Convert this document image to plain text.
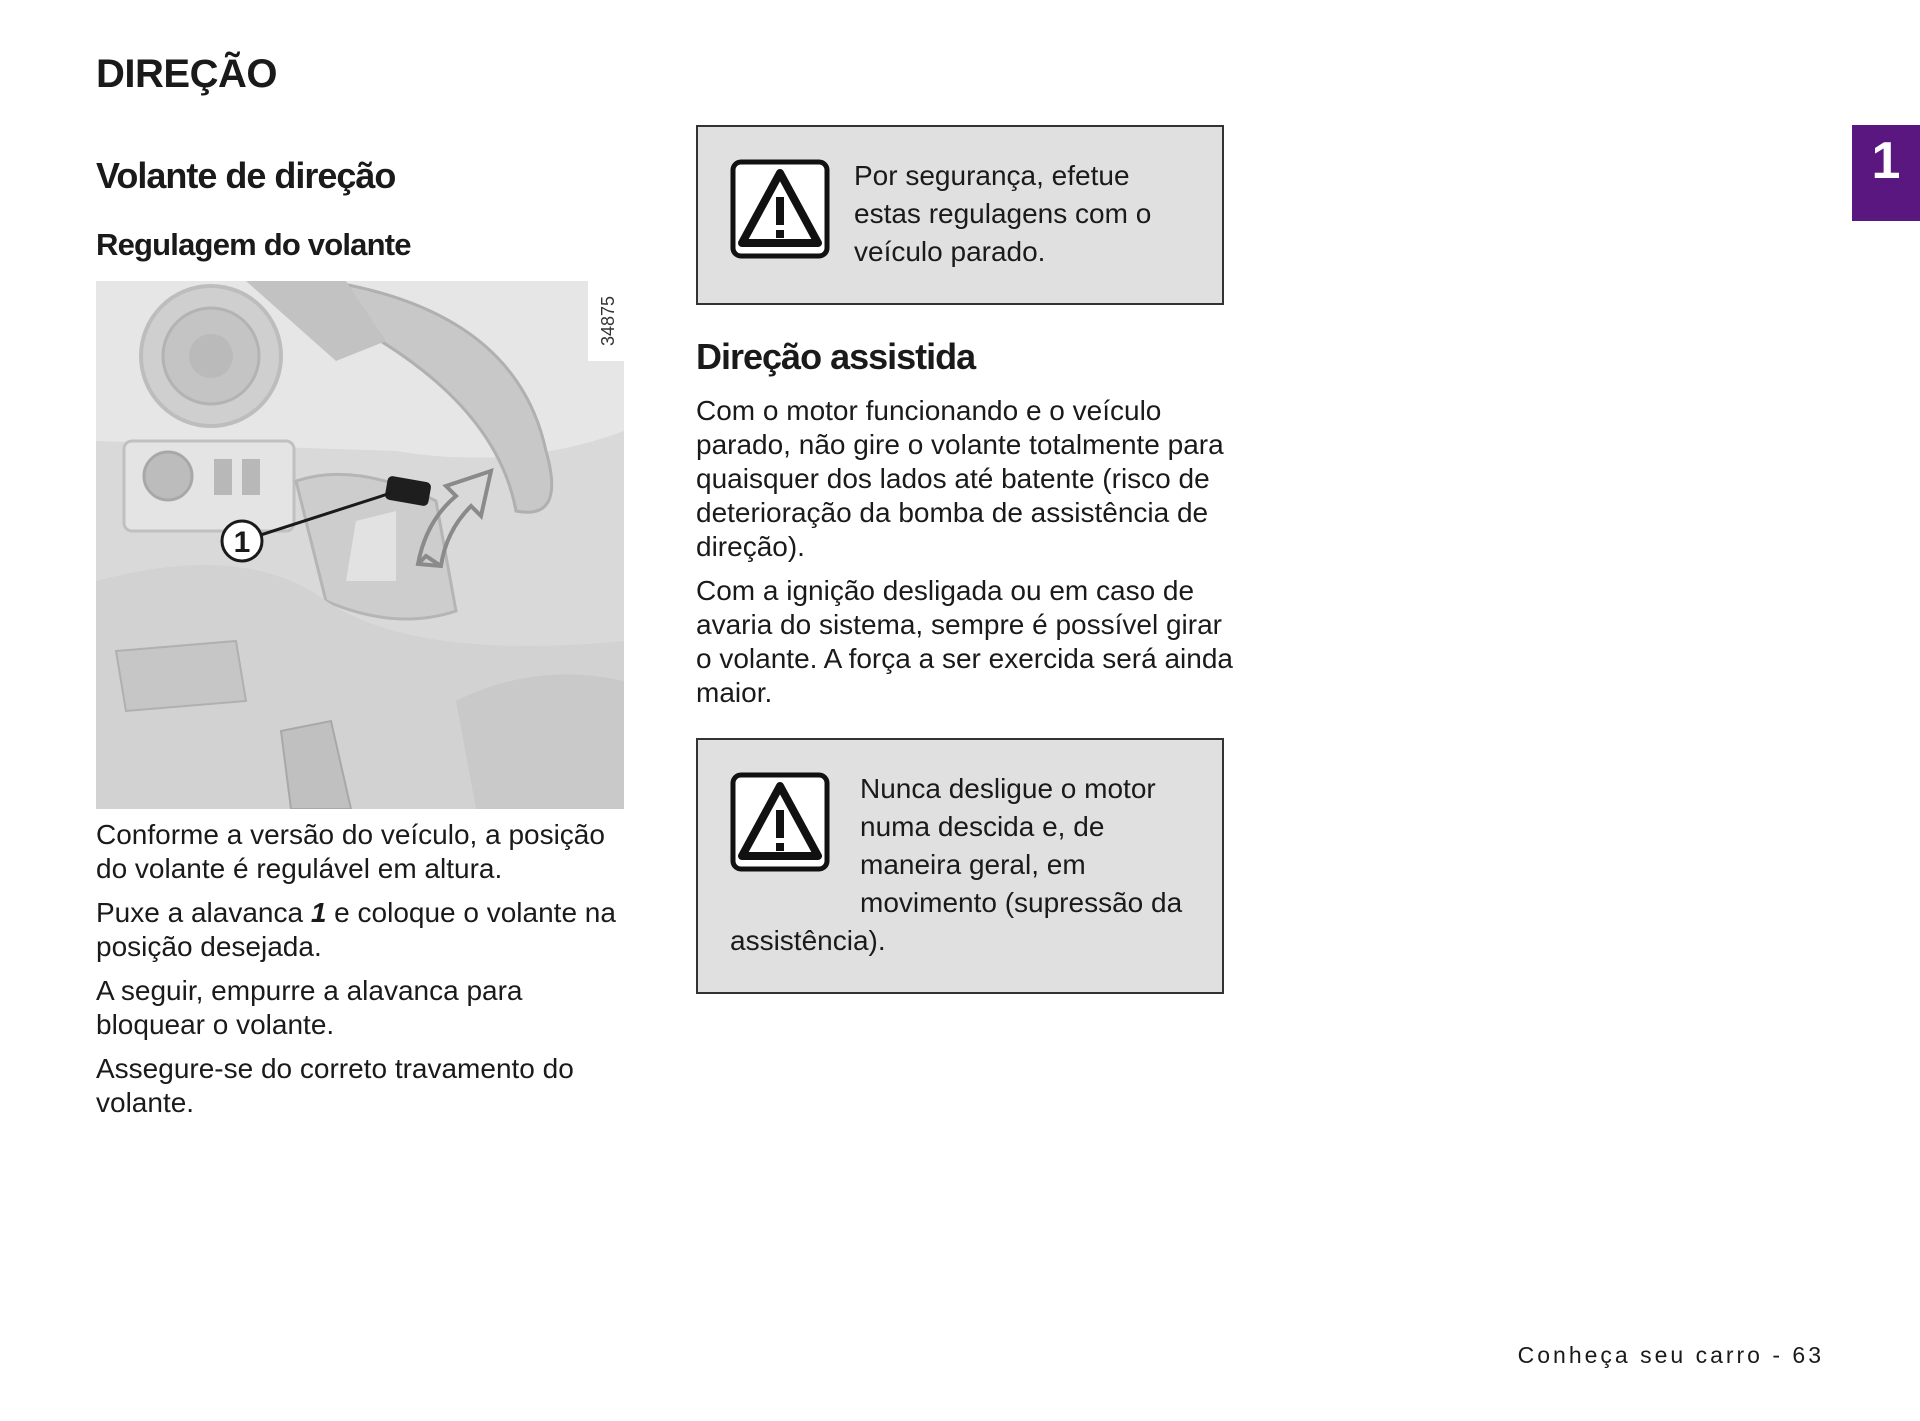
DIREÇÃO
1
Volante de direção
Regulagem do volante
1
34875

Conforme a versão do veículo, a posição do volante é regulável em altura.

Puxe a alavanca 1 e coloque o volante na posição desejada.

A seguir, empurre a alavanca para bloquear o volante.

Assegure-se do correto travamento do volante.

Por segurança, efetue estas regulagens com o veículo parado.
Direção assistida

Com o motor funcionando e o veículo parado, não gire o volante totalmente para quaisquer dos lados até batente (risco de deterioração da bomba de assistência de direção).

Com a ignição desligada ou em caso de avaria do sistema, sempre é possível girar o volante. A força a ser exercida será ainda maior.

Nunca desligue o motor numa descida e, de maneira geral, em movimento (supressão da assistência).
Conheça seu carro - 63
